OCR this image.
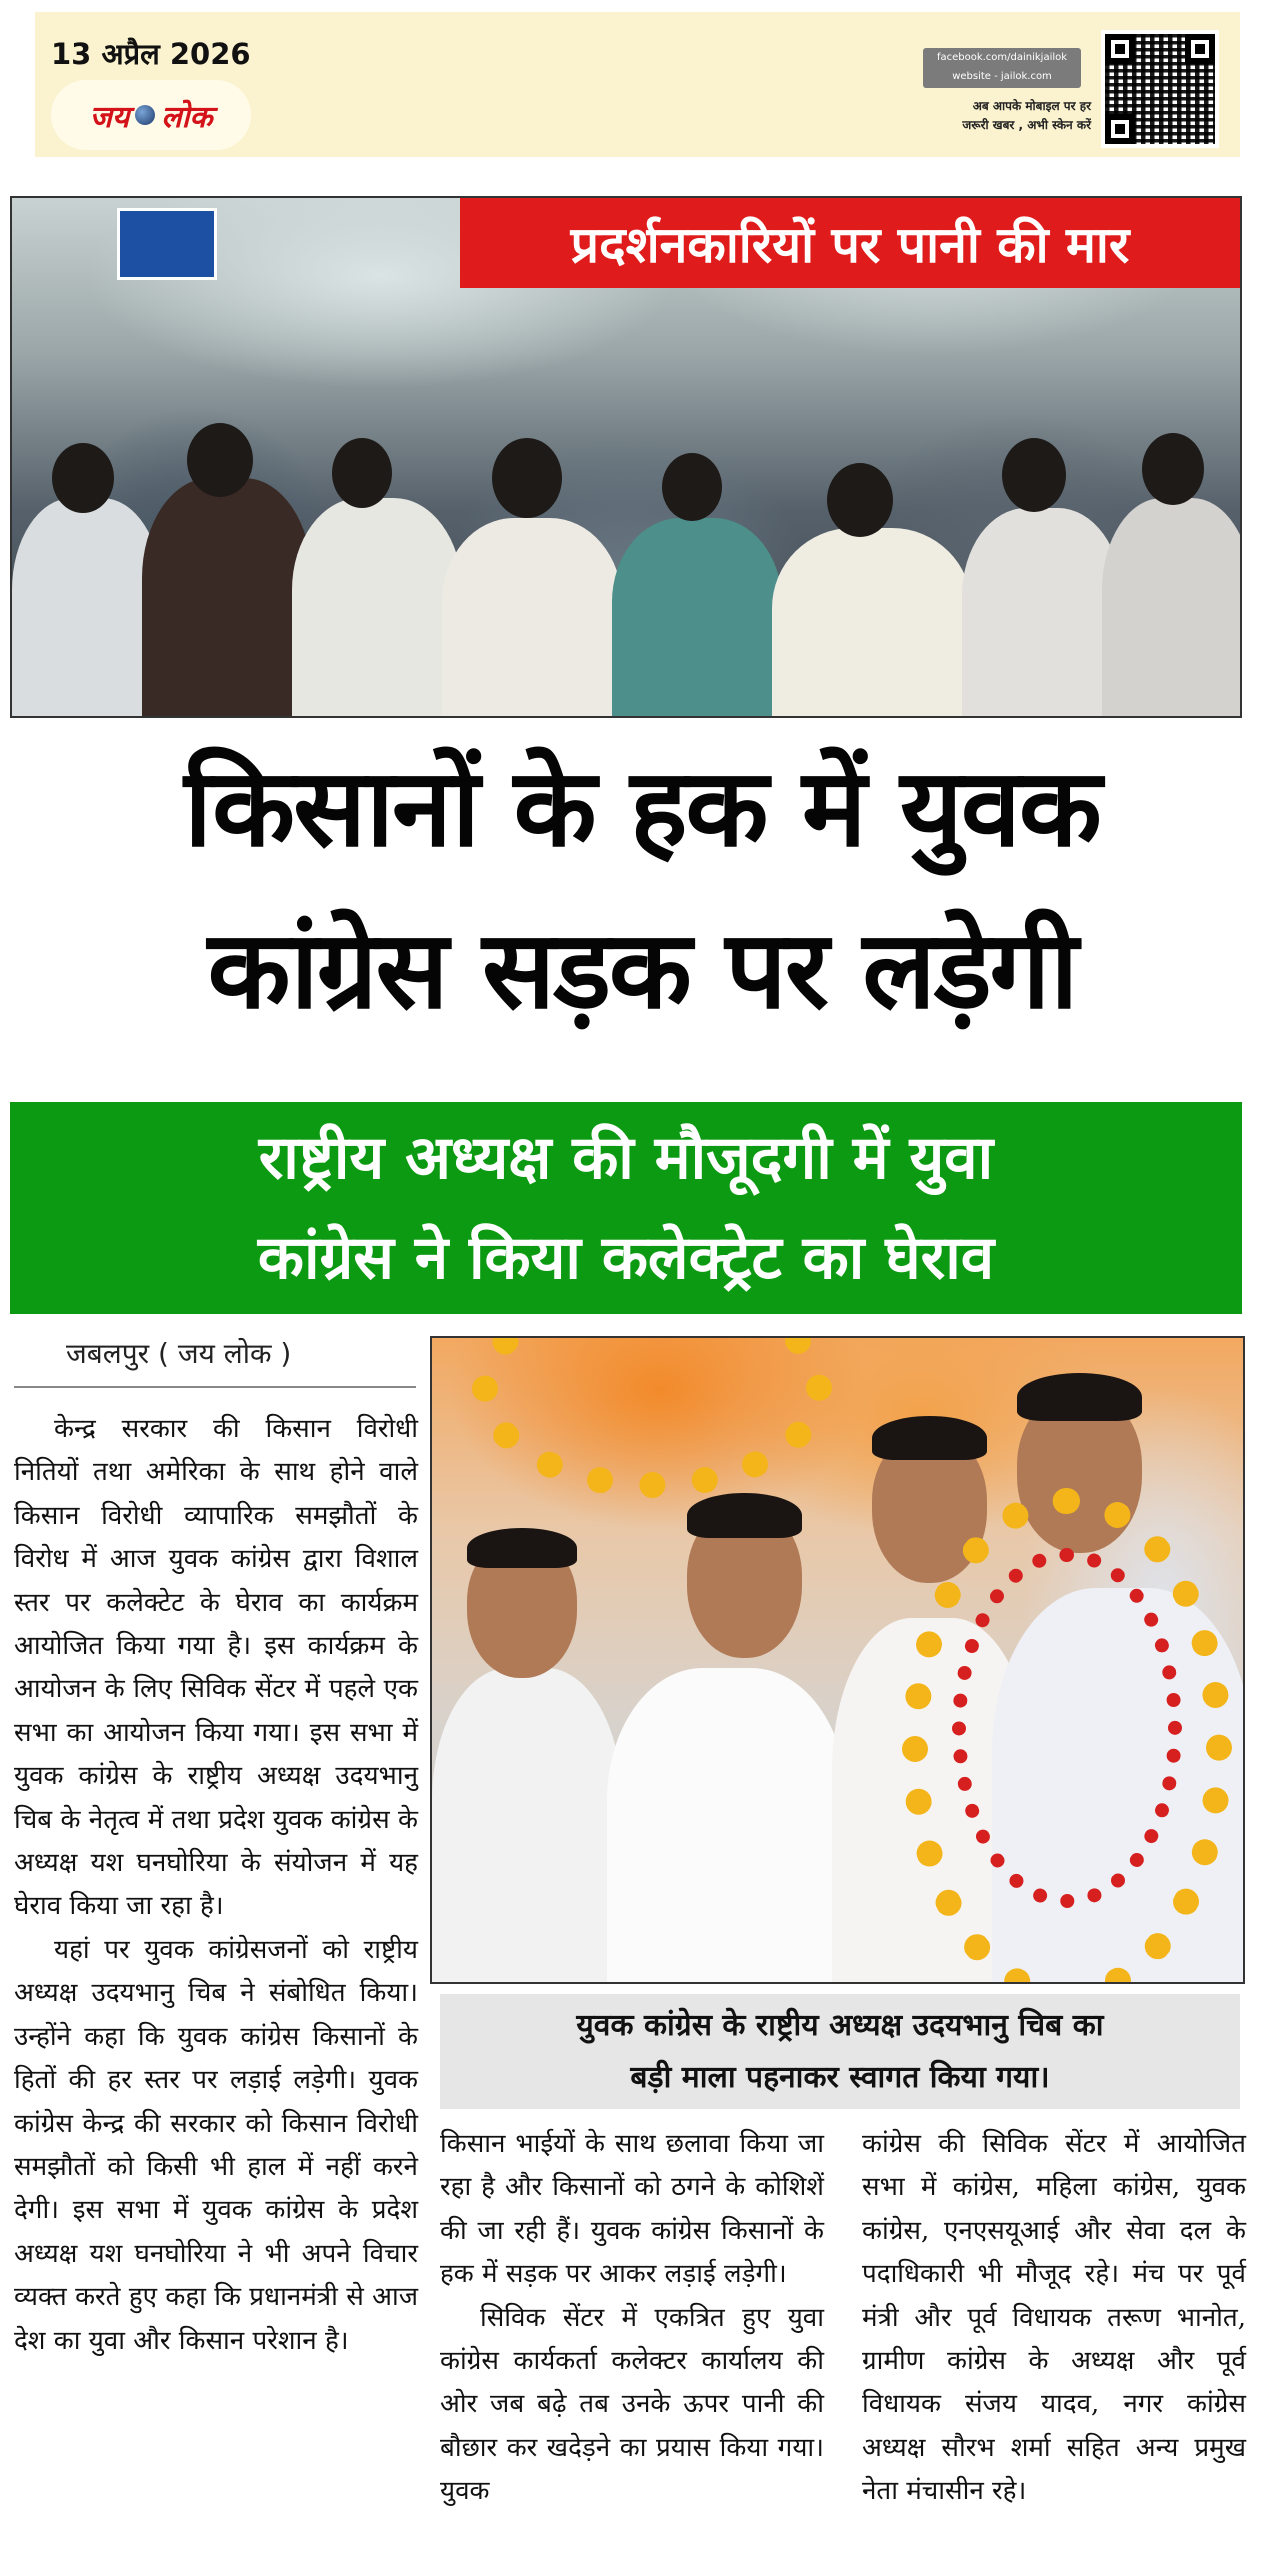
13 अप्रैल 2026
जय लोक
facebook.com/dainikjailok
website - jailok.com
अब आपके मोबाइल पर हर
जरूरी खबर , अभी स्केन करें
प्रदर्शनकारियों पर पानी की मार
किसानों के हक में युवक
कांग्रेस सड़क पर लड़ेगी
राष्ट्रीय अध्यक्ष की मौजूदगी में युवा
कांग्रेस ने किया कलेक्ट्रेट का घेराव
जबलपुर ( जय लोक )

केन्द्र सरकार की किसान विरोधी नितियों तथा अमेरिका के साथ होने वाले किसान विरोधी व्यापारिक समझौतों के विरोध में आज युवक कांग्रेस द्वारा विशाल स्तर पर कलेक्टेट के घेराव का कार्यक्रम आयोजित किया गया है। इस कार्यक्रम के आयोजन के लिए सिविक सेंटर में पहले एक सभा का आयोजन किया गया। इस सभा में युवक कांग्रेस के राष्ट्रीय अध्यक्ष उदयभानु चिब के नेतृत्व में तथा प्रदेश युवक कांग्रेस के अध्यक्ष यश घनघोरिया के संयोजन में यह घेराव किया जा रहा है।

यहां पर युवक कांग्रेसजनों को राष्ट्रीय अध्यक्ष उदयभानु चिब ने संबोधित किया। उन्होंने कहा कि युवक कांग्रेस किसानों के हितों की हर स्तर पर लड़ाई लड़ेगी। युवक कांग्रेस केन्द्र की सरकार को किसान विरोधी समझौतों को किसी भी हाल में नहीं करने देगी। इस सभा में युवक कांग्रेस के प्रदेश अध्यक्ष यश घनघोरिया ने भी अपने विचार व्यक्त करते हुए कहा कि प्रधानमंत्री से आज देश का युवा और किसान परेशान है।

युवक कांग्रेस के राष्ट्रीय अध्यक्ष उदयभानु चिब का
बड़ी माला पहनाकर स्वागत किया गया।

किसान भाईयों के साथ छलावा किया जा रहा है और किसानों को ठगने के कोशिशें की जा रही हैं। युवक कांग्रेस किसानों के हक में सड़क पर आकर लड़ाई लड़ेगी।

सिविक सेंटर में एकत्रित हुए युवा कांग्रेस कार्यकर्ता कलेक्टर कार्यालय की ओर जब बढ़े तब उनके ऊपर पानी की बौछार कर खदेड़ने का प्रयास किया गया।युवक

कांग्रेस की सिविक सेंटर में आयोजित सभा में कांग्रेस, महिला कांग्रेस, युवक कांग्रेस, एनएसयूआई और सेवा दल के पदाधिकारी भी मौजूद रहे। मंच पर पूर्व मंत्री और पूर्व विधायक तरूण भानोत, ग्रामीण कांग्रेस के अध्यक्ष और पूर्व विधायक संजय यादव, नगर कांग्रेस अध्यक्ष सौरभ शर्मा सहित अन्य प्रमुख नेता मंचासीन रहे।
